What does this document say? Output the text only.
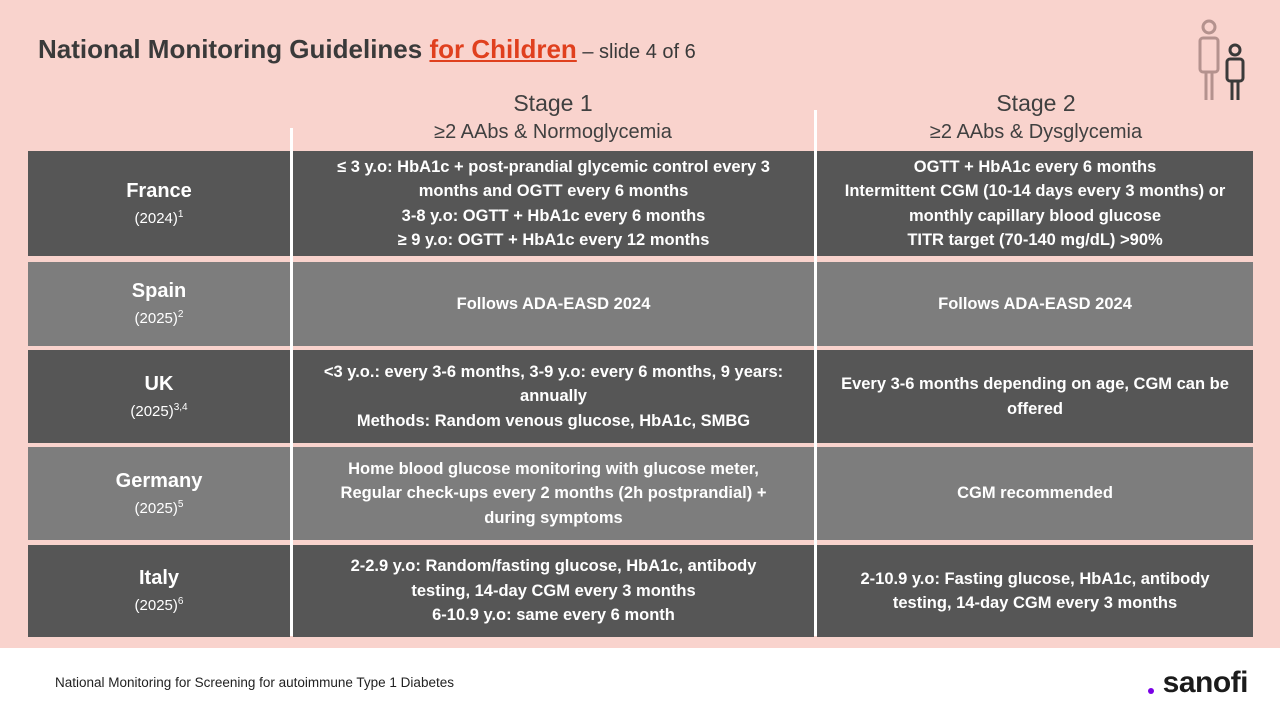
National Monitoring Guidelines for Children – slide 4 of 6
Stage 1
≥2 AAbs & Normoglycemia
Stage 2
≥2 AAbs & Dysglycemia
France
$(2024)^1$
≤ 3 y.o: HbA1c + post-prandial glycemic control every 3
months and OGTT every 6 months
3-8 y.o: OGTT + HbA1c every 6 months
≥ 9 y.o: OGTT + HbA1c every 12 months
OGTT + HbA1c every 6 months
Intermittent CGM (10-14 days every 3 months) or
monthly capillary blood glucose
TITR target (70-140 mg/dL) >90%
Spain
$(2025)^2$
Follows ADA-EASD 2024	Follows ADA-EASD 2024
UK
$(2025)^{3,4}$
<3 y.o.: every 3-6 months, 3-9 y.o: every 6 months, 9 years:
annually
Methods: Random venous glucose, HbA1c, SMBG
Every 3-6 months depending on age, CGM can be
offered
Germany
$(2025)^5$
Home blood glucose monitoring with glucose meter,
Regular check-ups every 2 months (2h postprandial) +
during symptoms
CGM recommended
Italy
$(2025)^6$
2-2.9 y.o: Random/fasting glucose, HbA1c, antibody
testing, 14-day CGM every 3 months
6-10.9 y.o: same every 6 month
2-10.9 y.o: Fasting glucose, HbA1c, antibody
testing, 14-day CGM every 3 months
National Monitoring for Screening for autoimmune Type 1 Diabetes	sanofi
